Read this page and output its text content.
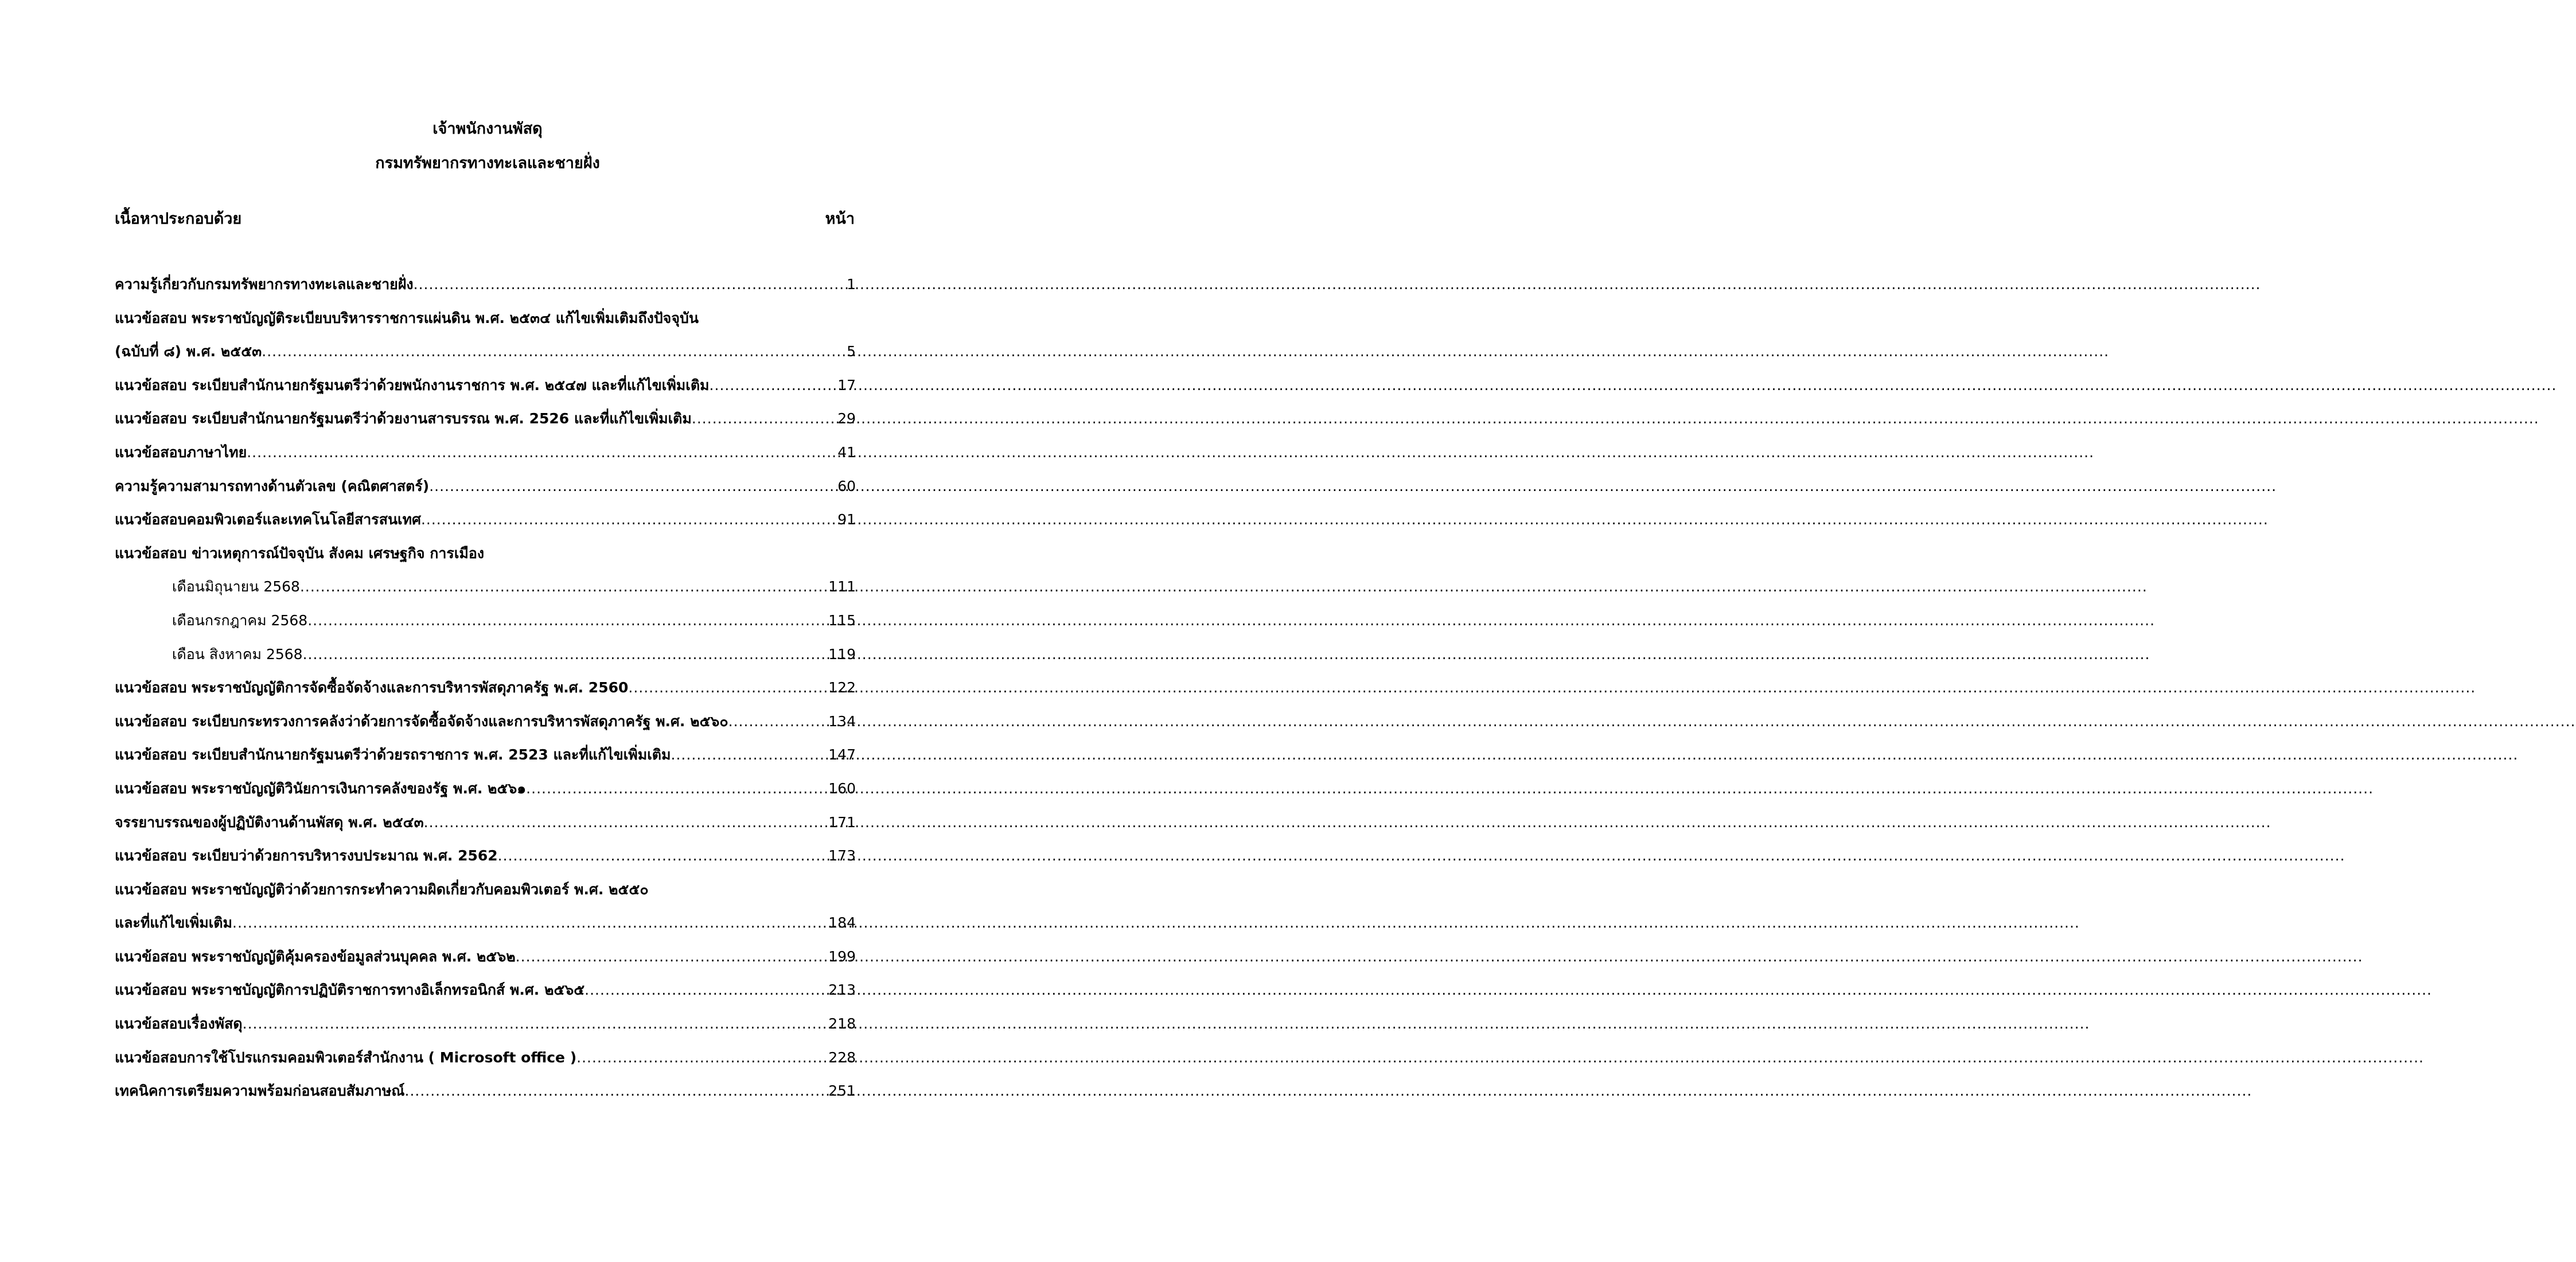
เจ้าพนักงานพัสดุ
กรมทรัพยากรทางทะเลและชายฝั่ง
เนื้อหาประกอบด้วย	หน้า
ความรู้เกี่ยวกับกรมทรัพยากรทางทะเลและชายฝั่ง .....	1
แนวข้อสอบ พระราชบัญญัติระเบียบบริหารราชการแผ่นดิน พ.ศ. ๒๕๓๔ แก้ไขเพิ่มเติมถึงปัจจุบัน
(ฉบับที่ ๘) พ.ศ. ๒๕๕๓ .....	5
แนวข้อสอบ ระเบียบสำนักนายกรัฐมนตรีว่าด้วยพนักงานราชการ พ.ศ. ๒๕๔๗ และที่แก้ไขเพิ่มเติม .....	17
แนวข้อสอบ ระเบียบสำนักนายกรัฐมนตรีว่าด้วยงานสารบรรณ พ.ศ. 2526 และที่แก้ไขเพิ่มเติม .....	29
แนวข้อสอบภาษาไทย .....	41
ความรู้ความสามารถทางด้านตัวเลข (คณิตศาสตร์) .....	60
แนวข้อสอบคอมพิวเตอร์และเทคโนโลยีสารสนเทศ .....	91
แนวข้อสอบ ข่าวเหตุการณ์ปัจจุบัน สังคม เศรษฐกิจ การเมือง
เดือนมิถุนายน 2568 .....	111
เดือนกรกฎาคม 2568 .....	115
เดือน สิงหาคม 2568 .....	119
แนวข้อสอบ พระราชบัญญัติการจัดซื้อจัดจ้างและการบริหารพัสดุภาครัฐ พ.ศ. 2560 .....	122
แนวข้อสอบ ระเบียบกระทรวงการคลังว่าด้วยการจัดซื้อจัดจ้างและการบริหารพัสดุภาครัฐ พ.ศ. ๒๕๖๐ .....	134
แนวข้อสอบ ระเบียบสำนักนายกรัฐมนตรีว่าด้วยรถราชการ พ.ศ. 2523 และที่แก้ไขเพิ่มเติม .....	147
แนวข้อสอบ พระราชบัญญัติวินัยการเงินการคลังของรัฐ พ.ศ. ๒๕๖๑ .....	160
จรรยาบรรณของผู้ปฏิบัติงานด้านพัสดุ พ.ศ. ๒๕๔๓ .....	171
แนวข้อสอบ ระเบียบว่าด้วยการบริหารงบประมาณ พ.ศ. 2562 .....	173
แนวข้อสอบ พระราชบัญญัติว่าด้วยการกระทำความผิดเกี่ยวกับคอมพิวเตอร์ พ.ศ. ๒๕๕๐
และที่แก้ไขเพิ่มเติม .....	184
แนวข้อสอบ พระราชบัญญัติคุ้มครองข้อมูลส่วนบุคคล พ.ศ. ๒๕๖๒ .....	199
แนวข้อสอบ พระราชบัญญัติการปฏิบัติราชการทางอิเล็กทรอนิกส์ พ.ศ. ๒๕๖๕ .....	213
แนวข้อสอบเรื่องพัสดุ .....	218
แนวข้อสอบการใช้โปรแกรมคอมพิวเตอร์สำนักงาน ( Microsoft office ) .....	228
เทคนิคการเตรียมความพร้อมก่อนสอบสัมภาษณ์ .....	251
